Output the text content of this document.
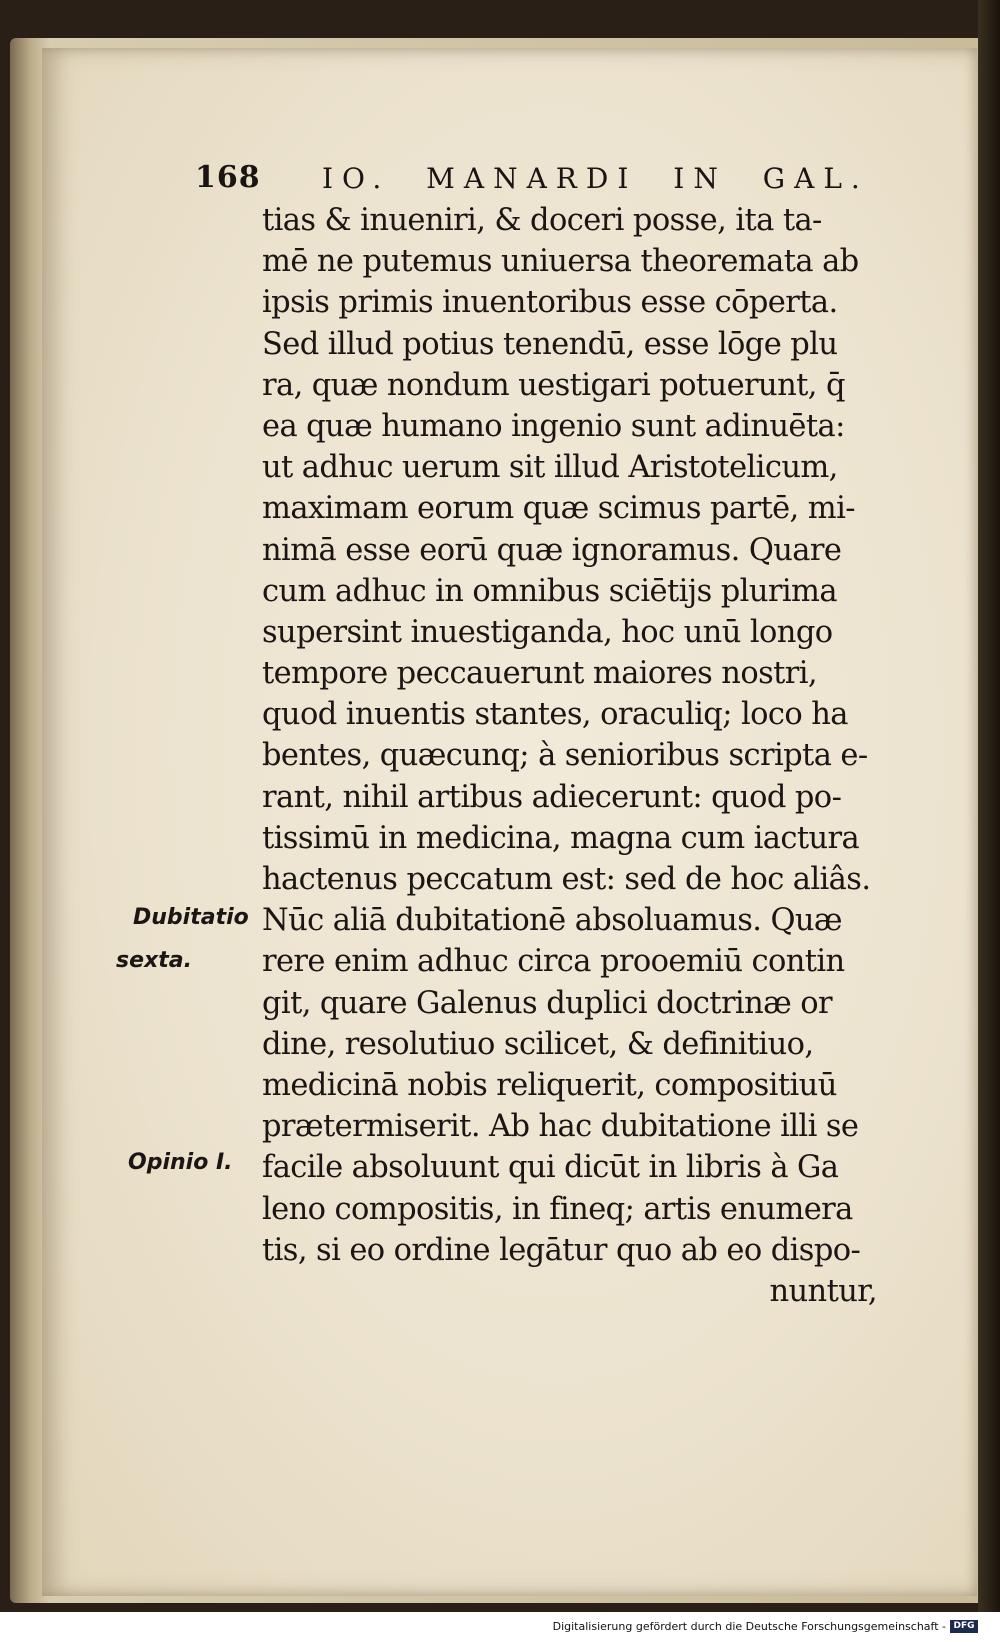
168 IO. MANARDI IN GAL.
tias & inueniri, & doceri posse, ita ta-
mē ne putemus uniuersa theoremata ab
ipsis primis inuentoribus esse cōperta.
Sed illud potius tenendū, esse lōge plu
ra, quæ nondum uestigari potuerunt, q̄
ea quæ humano ingenio sunt adinuēta:
ut adhuc uerum sit illud Aristotelicum,
maximam eorum quæ scimus partē, mi-
nimā esse eorū quæ ignoramus. Quare
cum adhuc in omnibus sciētijs plurima
supersint inuestiganda, hoc unū longo
tempore peccauerunt maiores nostri,
quod inuentis stantes, oraculiq; loco ha
bentes, quæcunq; à senioribus scripta e-
rant, nihil artibus adiecerunt: quod po-
tissimū in medicina, magna cum iactura
hactenus peccatum est: sed de hoc aliâs.
Nūc aliā dubitationē absoluamus. Quæ
rere enim adhuc circa prooemiū contin
git, quare Galenus duplici doctrinæ or
dine, resolutiuo scilicet, & definitiuo,
medicinā nobis reliquerit, compositiuū
prætermiserit. Ab hac dubitatione illi se
facile absoluunt qui dicūt in libris à Ga
leno compositis, in fineq; artis enumera
tis, si eo ordine legātur quo ab eo dispo-
nuntur,
Dubitatio
sexta.
Opinio I.
Digitalisierung gefördert durch die Deutsche Forschungsgemeinschaft - DFG
